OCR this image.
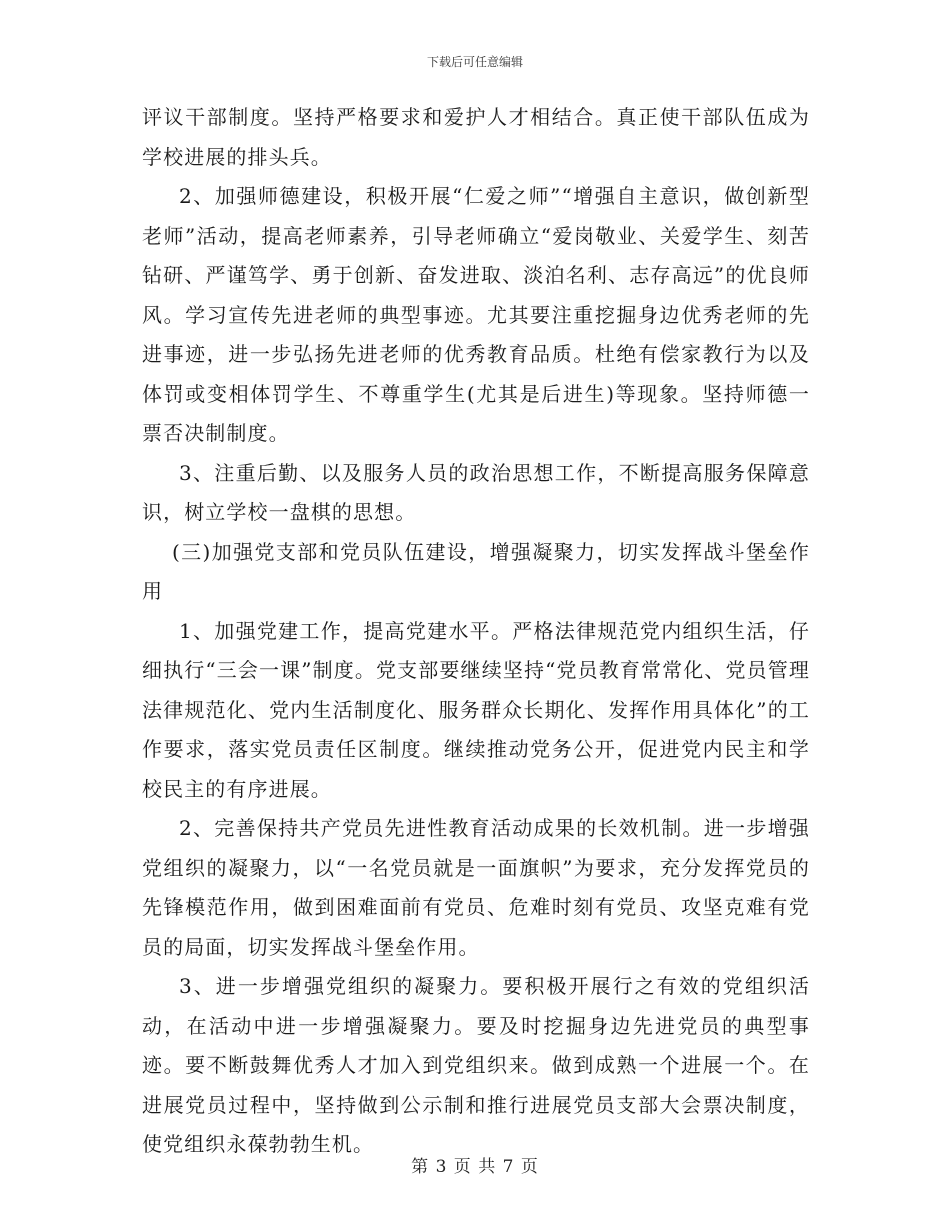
下载后可任意编辑

评议干部制度。坚持严格要求和爱护人才相结合。真正使干部队伍成为学校进展的排头兵。

2、加强师德建设，积极开展“仁爱之师”“增强自主意识，做创新型老师”活动，提高老师素养，引导老师确立“爱岗敬业、关爱学生、刻苦钻研、严谨笃学、勇于创新、奋发进取、淡泊名利、志存高远”的优良师风。学习宣传先进老师的典型事迹。尤其要注重挖掘身边优秀老师的先进事迹，进一步弘扬先进老师的优秀教育品质。杜绝有偿家教行为以及体罚或变相体罚学生、不尊重学生(尤其是后进生)等现象。坚持师德一票否决制制度。

3、注重后勤、以及服务人员的政治思想工作，不断提高服务保障意识，树立学校一盘棋的思想。

(三)加强党支部和党员队伍建设，增强凝聚力，切实发挥战斗堡垒作用

1、加强党建工作，提高党建水平。严格法律规范党内组织生活，仔细执行“三会一课”制度。党支部要继续坚持“党员教育常常化、党员管理法律规范化、党内生活制度化、服务群众长期化、发挥作用具体化”的工作要求，落实党员责任区制度。继续推动党务公开，促进党内民主和学校民主的有序进展。

2、完善保持共产党员先进性教育活动成果的长效机制。进一步增强党组织的凝聚力，以“一名党员就是一面旗帜”为要求，充分发挥党员的先锋模范作用，做到困难面前有党员、危难时刻有党员、攻坚克难有党员的局面，切实发挥战斗堡垒作用。

3、进一步增强党组织的凝聚力。要积极开展行之有效的党组织活动，在活动中进一步增强凝聚力。要及时挖掘身边先进党员的典型事迹。要不断鼓舞优秀人才加入到党组织来。做到成熟一个进展一个。在进展党员过程中，坚持做到公示制和推行进展党员支部大会票决制度，使党组织永葆勃勃生机。

第 3 页 共 7 页
